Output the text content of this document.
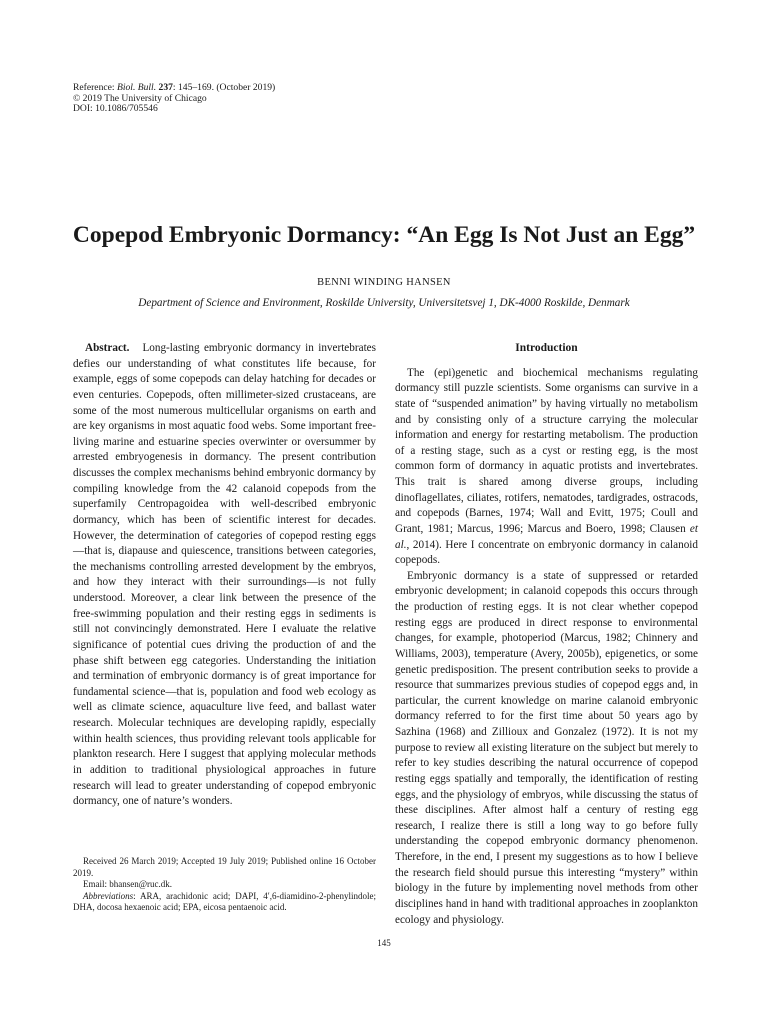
Reference: Biol. Bull. 237: 145–169. (October 2019)
© 2019 The University of Chicago
DOI: 10.1086/705546
Copepod Embryonic Dormancy: “An Egg Is Not Just an Egg”
BENNI WINDING HANSEN
Department of Science and Environment, Roskilde University, Universitetsvej 1, DK-4000 Roskilde, Denmark

Abstract. Long-lasting embryonic dormancy in invertebrates defies our understanding of what constitutes life because, for example, eggs of some copepods can delay hatching for decades or even centuries. Copepods, often millimeter-sized crustaceans, are some of the most numerous multicellular organisms on earth and are key organisms in most aquatic food webs. Some important free-living marine and estuarine species overwinter or oversummer by arrested embryogenesis in dormancy. The present contribution discusses the complex mechanisms behind embryonic dormancy by compiling knowledge from the 42 calanoid copepods from the superfamily Centropagoidea with well-described embryonic dormancy, which has been of scientific interest for decades. However, the determination of categories of copepod resting eggs—that is, diapause and quiescence, transitions between categories, the mechanisms controlling arrested development by the embryos, and how they interact with their surroundings—is not fully understood. Moreover, a clear link between the presence of the free-swimming population and their resting eggs in sediments is still not convincingly demonstrated. Here I evaluate the relative significance of potential cues driving the production of and the phase shift between egg categories. Understanding the initiation and termination of embryonic dormancy is of great importance for fundamental science—that is, population and food web ecology as well as climate science, aquaculture live feed, and ballast water research. Molecular techniques are developing rapidly, especially within health sciences, thus providing relevant tools applicable for plankton research. Here I suggest that applying molecular methods in addition to traditional physiological approaches in future research will lead to greater understanding of copepod embryonic dormancy, one of nature’s wonders.

Received 26 March 2019; Accepted 19 July 2019; Published online 16 October 2019.

Email: bhansen@ruc.dk.

Abbreviations: ARA, arachidonic acid; DAPI, 4′,6-diamidino-2-phenylindole; DHA, docosa hexaenoic acid; EPA, eicosa pentaenoic acid.

Introduction

The (epi)genetic and biochemical mechanisms regulating dormancy still puzzle scientists. Some organisms can survive in a state of “suspended animation” by having virtually no metabolism and by consisting only of a structure carrying the molecular information and energy for restarting metabolism. The production of a resting stage, such as a cyst or resting egg, is the most common form of dormancy in aquatic protists and invertebrates. This trait is shared among diverse groups, including dinoflagellates, ciliates, rotifers, nematodes, tardigrades, ostracods, and copepods (Barnes, 1974; Wall and Evitt, 1975; Coull and Grant, 1981; Marcus, 1996; Marcus and Boero, 1998; Clausen et al., 2014). Here I concentrate on embryonic dormancy in calanoid copepods.

Embryonic dormancy is a state of suppressed or retarded embryonic development; in calanoid copepods this occurs through the production of resting eggs. It is not clear whether copepod resting eggs are produced in direct response to environmental changes, for example, photoperiod (Marcus, 1982; Chinnery and Williams, 2003), temperature (Avery, 2005b), epigenetics, or some genetic predisposition. The present contribution seeks to provide a resource that summarizes previous studies of copepod eggs and, in particular, the current knowledge on marine calanoid embryonic dormancy referred to for the first time about 50 years ago by Sazhina (1968) and Zillioux and Gonzalez (1972). It is not my purpose to review all existing literature on the subject but merely to refer to key studies describing the natural occurrence of copepod resting eggs spatially and temporally, the identification of resting eggs, and the physiology of embryos, while discussing the status of these disciplines. After almost half a century of resting egg research, I realize there is still a long way to go before fully understanding the copepod embryonic dormancy phenomenon. Therefore, in the end, I present my suggestions as to how I believe the research field should pursue this interesting “mystery” within biology in the future by implementing novel methods from other disciplines hand in hand with traditional approaches in zooplankton ecology and physiology.

145
